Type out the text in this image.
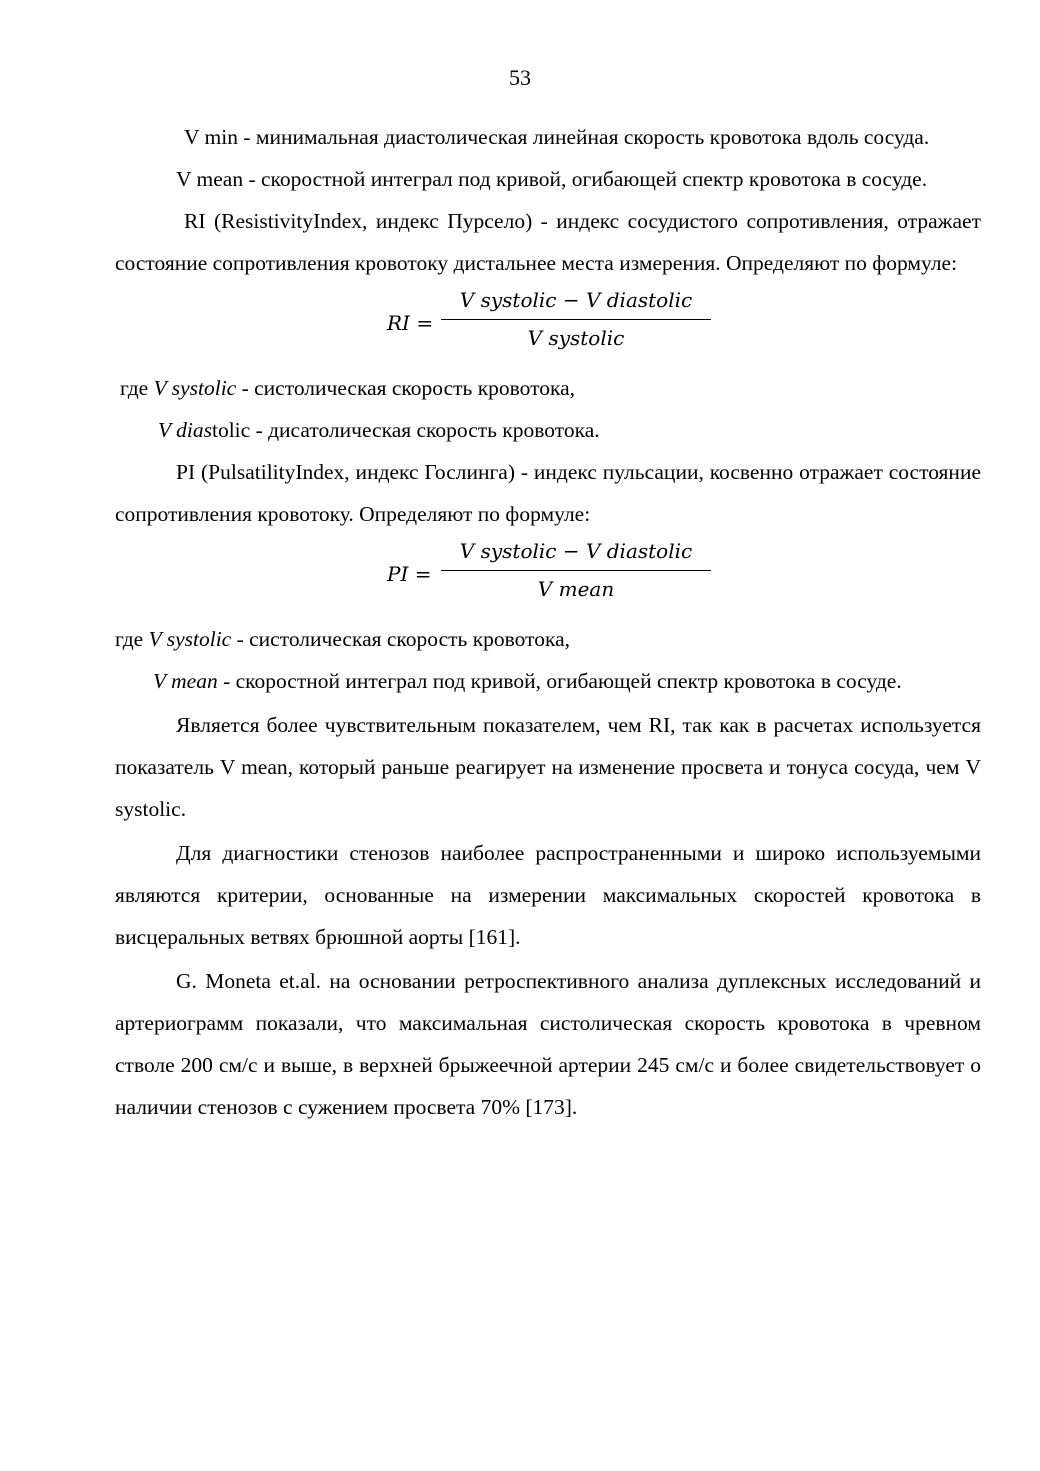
53

V min - минимальная диастолическая линейная скорость кровотока вдоль сосуда.

V mean - скоростной интеграл под кривой, огибающей спектр кровотока в сосуде.

RI (ResistivityIndex, индекс Пурсело) - индекс сосудистого сопротивления, отражает состояние сопротивления кровотоку дистальнее места измерения. Определяют по формуле:

RI =
V systolic − V diastolic
V systolic

где V systolic - систолическая скорость кровотока,

V diastolic - дисатолическая скорость кровотока.

PI (PulsatilityIndex, индекс Гослинга) - индекс пульсации, косвенно отражает состояние сопротивления кровотоку. Определяют по формуле:

PI =
V systolic − V diastolic
V mean

где V systolic - систолическая скорость кровотока,

V mean - скоростной интеграл под кривой, огибающей спектр кровотока в сосуде.

Является более чувствительным показателем, чем RI, так как в расчетах используется показатель V mean, который раньше реагирует на изменение просвета и тонуса сосуда, чем V systolic.

Для диагностики стенозов наиболее распространенными и широко используемыми являются критерии, основанные на измерении максимальных скоростей кровотока в висцеральных ветвях брюшной аорты [161].

G. Moneta et.al. на основании ретроспективного анализа дуплексных исследований и артериограмм показали, что максимальная систолическая скорость кровотока в чревном стволе 200 см/с и выше, в верхней брыжеечной артерии 245 см/с и более свидетельствовует о наличии стенозов с сужением просвета 70% [173].
